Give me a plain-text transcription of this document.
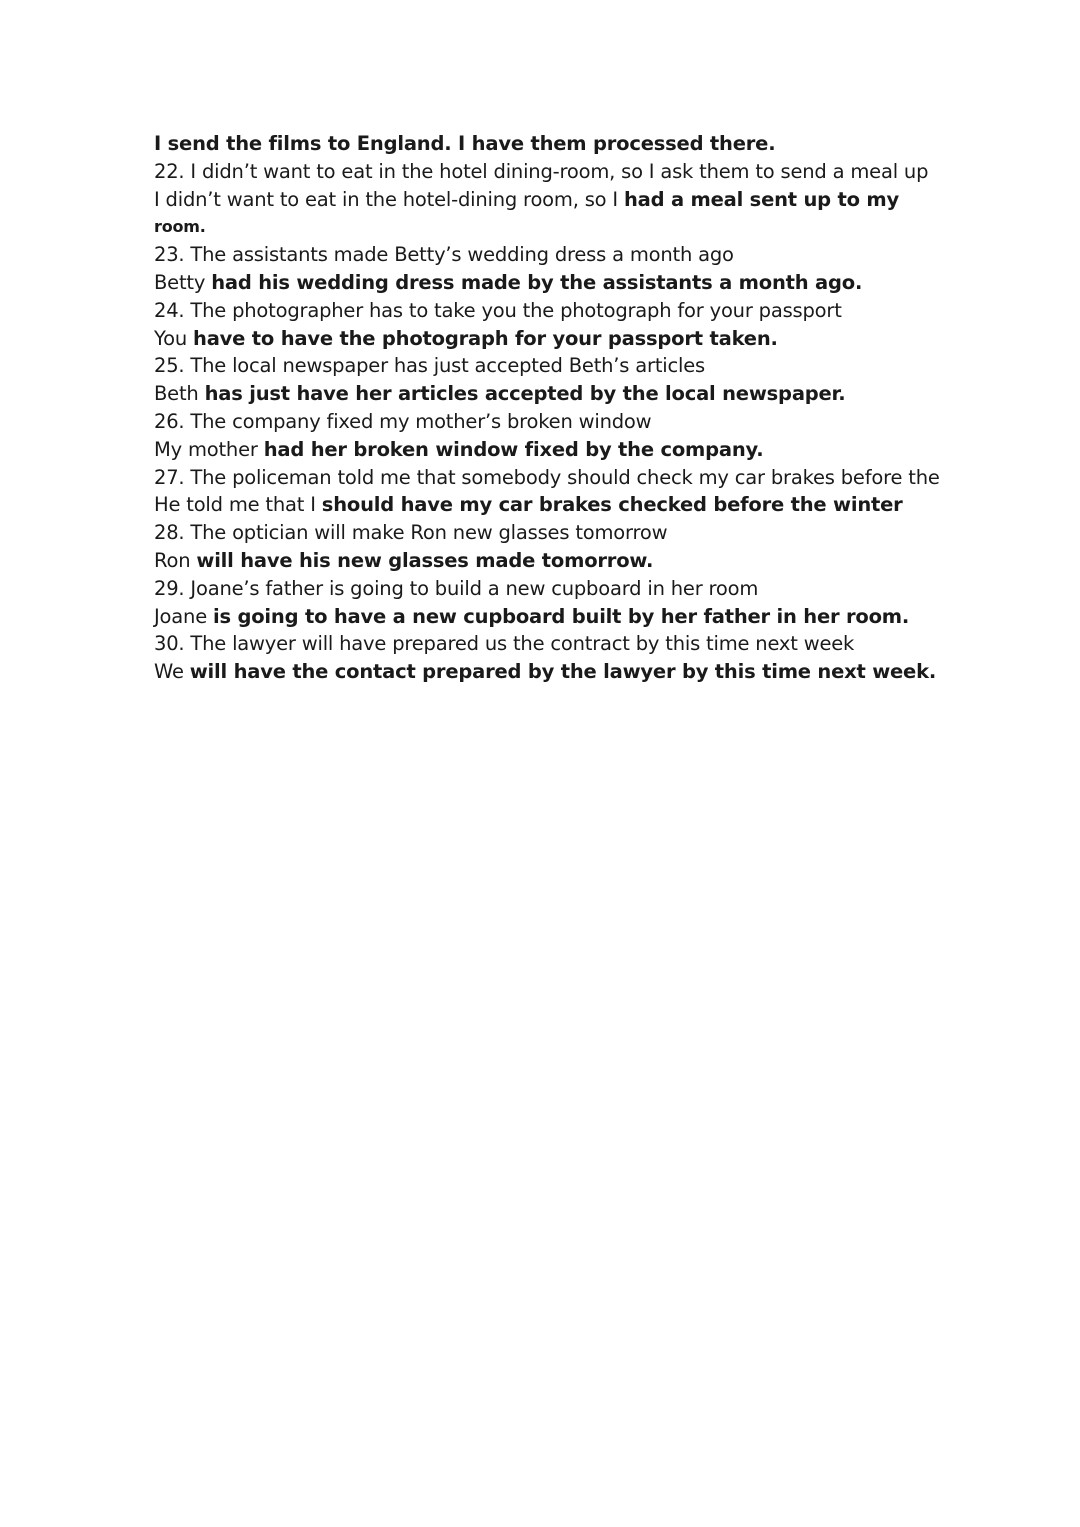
I send the films to England. I have them processed there.
22. I didn’t want to eat in the hotel dining-room, so I ask them to send a meal up
I didn’t want to eat in the hotel-dining room, so I had a meal sent up to my
room.
23. The assistants made Betty’s wedding dress a month ago
Betty had his wedding dress made by the assistants a month ago.
24. The photographer has to take you the photograph for your passport
You have to have the photograph for your passport taken.
25. The local newspaper has just accepted Beth’s articles
Beth has just have her articles accepted by the local newspaper.
26. The company fixed my mother’s broken window
My mother had her broken window fixed by the company.
27. The policeman told me that somebody should check my car brakes before the
He told me that I should have my car brakes checked before the winter
28. The optician will make Ron new glasses tomorrow
Ron will have his new glasses made tomorrow.
29. Joane’s father is going to build a new cupboard in her room
Joane is going to have a new cupboard built by her father in her room.
30. The lawyer will have prepared us the contract by this time next week
We will have the contact prepared by the lawyer by this time next week.
